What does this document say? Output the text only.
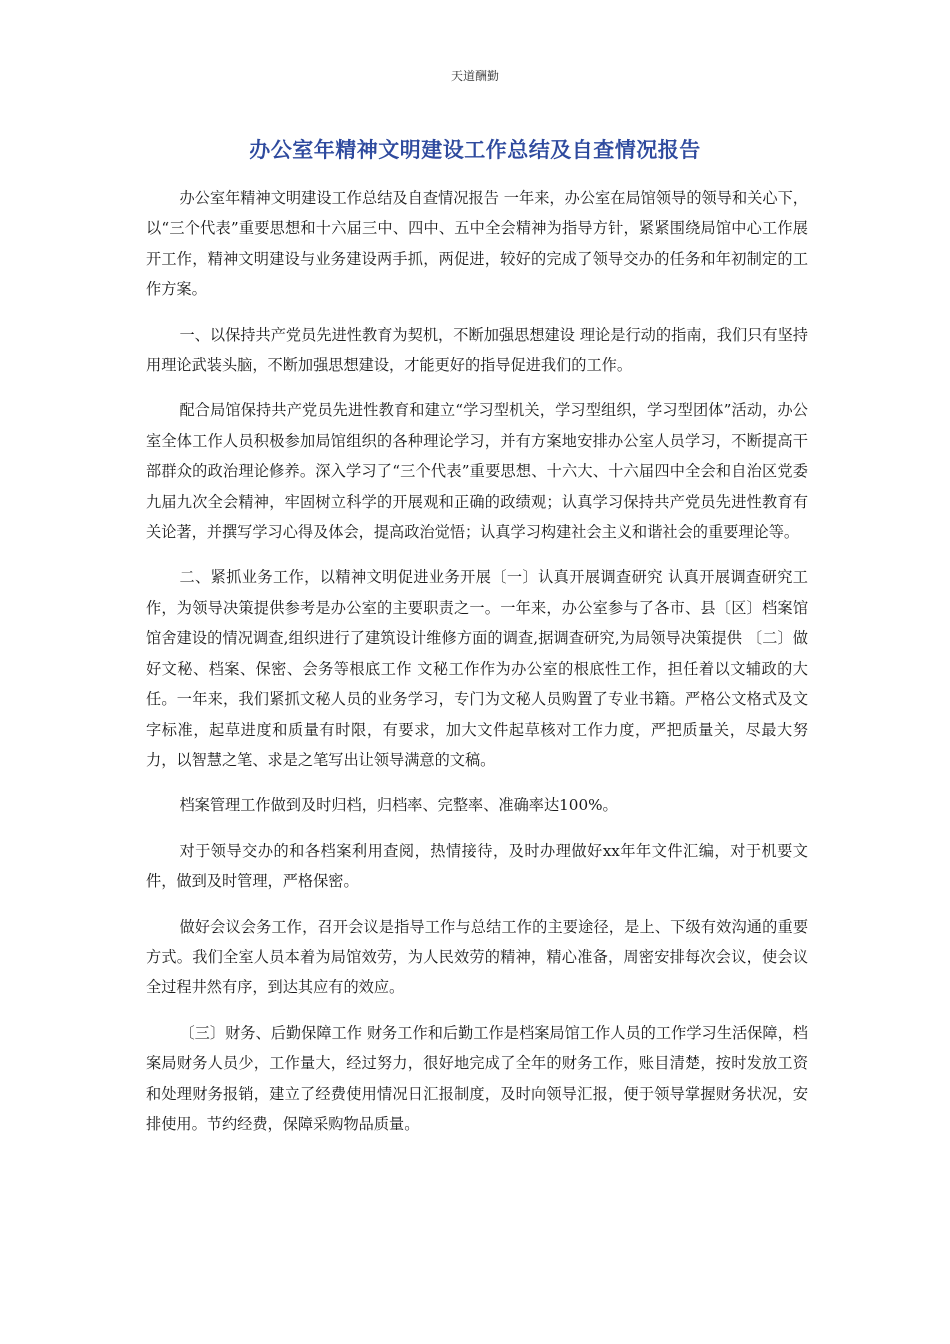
天道酬勤
办公室年精神文明建设工作总结及自查情况报告

办公室年精神文明建设工作总结及自查情况报告 一年来，办公室在局馆领导的领导和关心下，以“三个代表”重要思想和十六届三中、四中、五中全会精神为指导方针，紧紧围绕局馆中心工作展开工作，精神文明建设与业务建设两手抓，两促进，较好的完成了领导交办的任务和年初制定的工作方案。

一、以保持共产党员先进性教育为契机，不断加强思想建设 理论是行动的指南，我们只有坚持用理论武装头脑，不断加强思想建设，才能更好的指导促进我们的工作。

配合局馆保持共产党员先进性教育和建立“学习型机关，学习型组织，学习型团体”活动，办公室全体工作人员积极参加局馆组织的各种理论学习，并有方案地安排办公室人员学习，不断提高干部群众的政治理论修养。深入学习了“三个代表”重要思想、十六大、十六届四中全会和自治区党委九届九次全会精神，牢固树立科学的开展观和正确的政绩观；认真学习保持共产党员先进性教育有关论著，并撰写学习心得及体会，提高政治觉悟；认真学习构建社会主义和谐社会的重要理论等。

二、紧抓业务工作，以精神文明促进业务开展〔一〕认真开展调查研究 认真开展调查研究工作，为领导决策提供参考是办公室的主要职责之一。一年来，办公室参与了各市、县〔区〕档案馆馆舍建设的情况调查,组织进行了建筑设计维修方面的调查,据调查研究,为局领导决策提供 〔二〕做好文秘、档案、保密、会务等根底工作 文秘工作作为办公室的根底性工作，担任着以文辅政的大任。一年来，我们紧抓文秘人员的业务学习，专门为文秘人员购置了专业书籍。严格公文格式及文字标准，起草进度和质量有时限，有要求，加大文件起草核对工作力度，严把质量关，尽最大努力，以智慧之笔、求是之笔写出让领导满意的文稿。

档案管理工作做到及时归档，归档率、完整率、准确率达100%。

对于领导交办的和各档案利用查阅，热情接待，及时办理做好xx年年文件汇编，对于机要文件，做到及时管理，严格保密。

做好会议会务工作，召开会议是指导工作与总结工作的主要途径，是上、下级有效沟通的重要方式。我们全室人员本着为局馆效劳，为人民效劳的精神，精心准备，周密安排每次会议，使会议全过程井然有序，到达其应有的效应。

〔三〕财务、后勤保障工作 财务工作和后勤工作是档案局馆工作人员的工作学习生活保障，档案局财务人员少，工作量大，经过努力，很好地完成了全年的财务工作，账目清楚，按时发放工资和处理财务报销，建立了经费使用情况日汇报制度，及时向领导汇报，便于领导掌握财务状况，安排使用。节约经费，保障采购物品质量。
